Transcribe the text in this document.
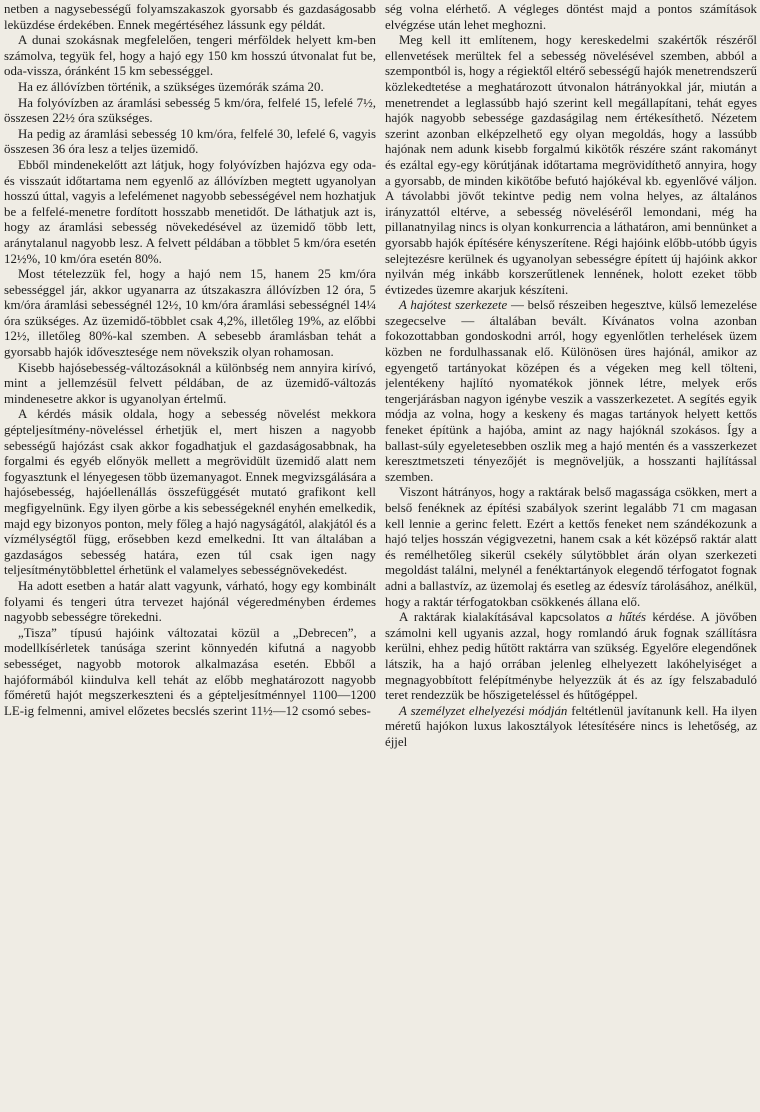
netben a nagysebességű folyamszakaszok gyorsabb és gazdaságosabb leküzdése érdekében. Ennek megértéséhez lássunk egy példát.

A dunai szokásnak megfelelően, tengeri mérföldek helyett km-ben számolva, tegyük fel, hogy a hajó egy 150 km hosszú útvonalat fut be, oda-vissza, óránként 15 km sebességgel.

Ha ez állóvízben történik, a szükséges üzemórák száma 20.

Ha folyóvízben az áramlási sebesség 5 km/óra, felfelé 15, lefelé 7½, összesen 22½ óra szükséges.

Ha pedig az áramlási sebesség 10 km/óra, felfelé 30, lefelé 6, vagyis összesen 36 óra lesz a teljes üzemidő.

Ebből mindenekelőtt azt látjuk, hogy folyóvízben hajózva egy oda- és visszaút időtartama nem egyenlő az állóvízben megtett ugyanolyan hosszú úttal, vagyis a lefelémenet nagyobb sebességével nem hozhatjuk be a felfelé-menetre fordított hosszabb menetidőt. De láthatjuk azt is, hogy az áramlási sebesség növekedésével az üzemidő több lett, aránytalanul nagyobb lesz. A felvett példában a többlet 5 km/óra esetén 12½%, 10 km/óra esetén 80%.

Most tételezzük fel, hogy a hajó nem 15, hanem 25 km/óra sebességgel jár, akkor ugyanarra az útszakaszra állóvízben 12 óra, 5 km/óra áramlási sebességnél 12½, 10 km/óra áramlási sebességnél 14¼ óra szükséges. Az üzemidő-többlet csak 4,2%, illetőleg 19%, az előbbi 12½, illetőleg 80%-kal szemben. A sebesebb áramlásban tehát a gyorsabb hajók időveszteségе nem növekszik olyan rohamosan.

Kisebb hajósebesség-változásoknál a különbség nem annyira kirívó, mint a jellemzésül felvett példában, de az üzemidő-változás mindenesetre akkor is ugyanolyan értelmű.

A kérdés másik oldala, hogy a sebesség növelést mekkora gépteljesítmény-növeléssel érhetjük el, mert hiszen a nagyobb sebességű hajózást csak akkor fogadhatjuk el gazdaságosabbnak, ha forgalmi és egyéb előnyök mellett a megrövidült üzemidő alatt nem fogyasztunk el lényegesen több üzemanyagot. Ennek megvizsgálására a hajósebesség, hajóellenállás összefüggését mutató grafikont kell megfigyelnünk. Egy ilyen görbe a kis sebességeknél enyhén emelkedik, majd egy bizonyos ponton, mely főleg a hajó nagyságától, alakjától és a vízmélységtől függ, erősebben kezd emelkedni. Itt van általában a gazdaságos sebesség határa, ezen túl csak igen nagy teljesítménytöbblettel érhetünk el valamelyes sebességnövekedést.

Ha adott esetben a határ alatt vagyunk, várható, hogy egy kombinált folyami és tengeri útra tervezet hajónál végeredményben érdemes nagyobb sebességre törekedni.

„Tisza” típusú hajóink változatai közül a „Debrecen”, a modellkísérletek tanúsága szerint könnyedén kifutná a nagyobb sebességet, nagyobb motorok alkalmazása esetén. Ebből a hajóformából kiindulva kell tehát az előbb meghatározott nagyobb főméretű hajót megszerkeszteni és a gépteljesítménnyel 1100—1200 LE-ig felmenni, amivel előzetes becslés szerint 11½—12 csomó sebes-

ség volna elérhető. A végleges döntést majd a pontos számítások elvégzése után lehet meghozni.

Meg kell itt említenem, hogy kereskedelmi szakértők részéről ellenvetések merültek fel a sebesség növelésével szemben, abból a szempontból is, hogy a régiektől eltérő sebességű hajók menetrendszerű közlekedtetése a meghatározott útvonalon hátrányokkal jár, miután a menetrendet a leglassúbb hajó szerint kell megállapítani, tehát egyes hajók nagyobb sebessége gazdaságilag nem értékesíthető. Nézetem szerint azonban elképzelhető egy olyan megoldás, hogy a lassúbb hajónak nem adunk kisebb forgalmú kikötők részére szánt rakományt és ezáltal egy-egy körútjának időtartama megrövidíthető annyira, hogy a gyorsabb, de minden kikötőbe befutó hajókéval kb. egyenlővé váljon. A távolabbi jövőt tekintve pedig nem volna helyes, az általános irányzattól eltérve, a sebesség növeléséről lemondani, még ha pillanatnyilag nincs is olyan konkurrencia a láthatáron, ami bennünket a gyorsabb hajók építésére kényszerítene. Régi hajóink előbb-utóbb úgyis selejtezésre kerülnek és ugyanolyan sebességre épített új hajóink akkor nyilván még inkább korszerűtlenek lennének, holott ezeket több évtizedes üzemre akarjuk készíteni.

A hajótest szerkezete — belső részeiben hegesztve, külső lemezelése szegecselve — általában bevált. Kívánatos volna azonban fokozottabban gondoskodni arról, hogy egyenlőtlen terhelések üzem közben ne fordulhassanak elő. Különösen üres hajónál, amikor az egyengető tartányokat középen és a végeken meg kell tölteni, jelentékeny hajlító nyomatékok jönnek létre, melyek erős tengerjárásban nagyon igénybe veszik a vasszerkezetet. A segítés egyik módja az volna, hogy a keskeny és magas tartányok helyett kettős feneket építünk a hajóba, amint az nagy hajóknál szokásos. Így a ballast-súly egyeletesebben oszlik meg a hajó mentén és a vasszerkezet keresztmetszeti tényezőjét is megnöveljük, a hosszanti hajlítással szemben.

Viszont hátrányos, hogy a raktárak belső magassága csökken, mert a belső fenéknek az építési szabályok szerint legalább 71 cm magasan kell lennie a gerinc felett. Ezért a kettős feneket nem szándékozunk a hajó teljes hosszán végigvezetni, hanem csak a két középső raktár alatt és remélhetőleg sikerül csekély súlytöbblet árán olyan szerkezeti megoldást találni, melynél a fenéktartányok elegendő térfogatot fognak adni a ballastvíz, az üzemolaj és esetleg az édesvíz tárolásához, anélkül, hogy a raktár térfogatokban csökkenés állana elő.

A raktárak kialakításával kapcsolatos a hűtés kérdése. A jövőben számolni kell ugyanis azzal, hogy romlandó áruk fognak szállításra kerülni, ehhez pedig hűtött raktárra van szükség. Egyelőre elegendőnek látszik, ha a hajó orrában jelenleg elhelyezett lakóhelyiséget a megnagyobbított felépítménybe helyezzük át és az így felszabaduló teret rendezzük be hőszigeteléssel és hűtőgéppel.

A személyzet elhelyezési módján feltétlenül javítanunk kell. Ha ilyen méretű hajókon luxus lakosztályok létesítésére nincs is lehetőség, az éjjel
